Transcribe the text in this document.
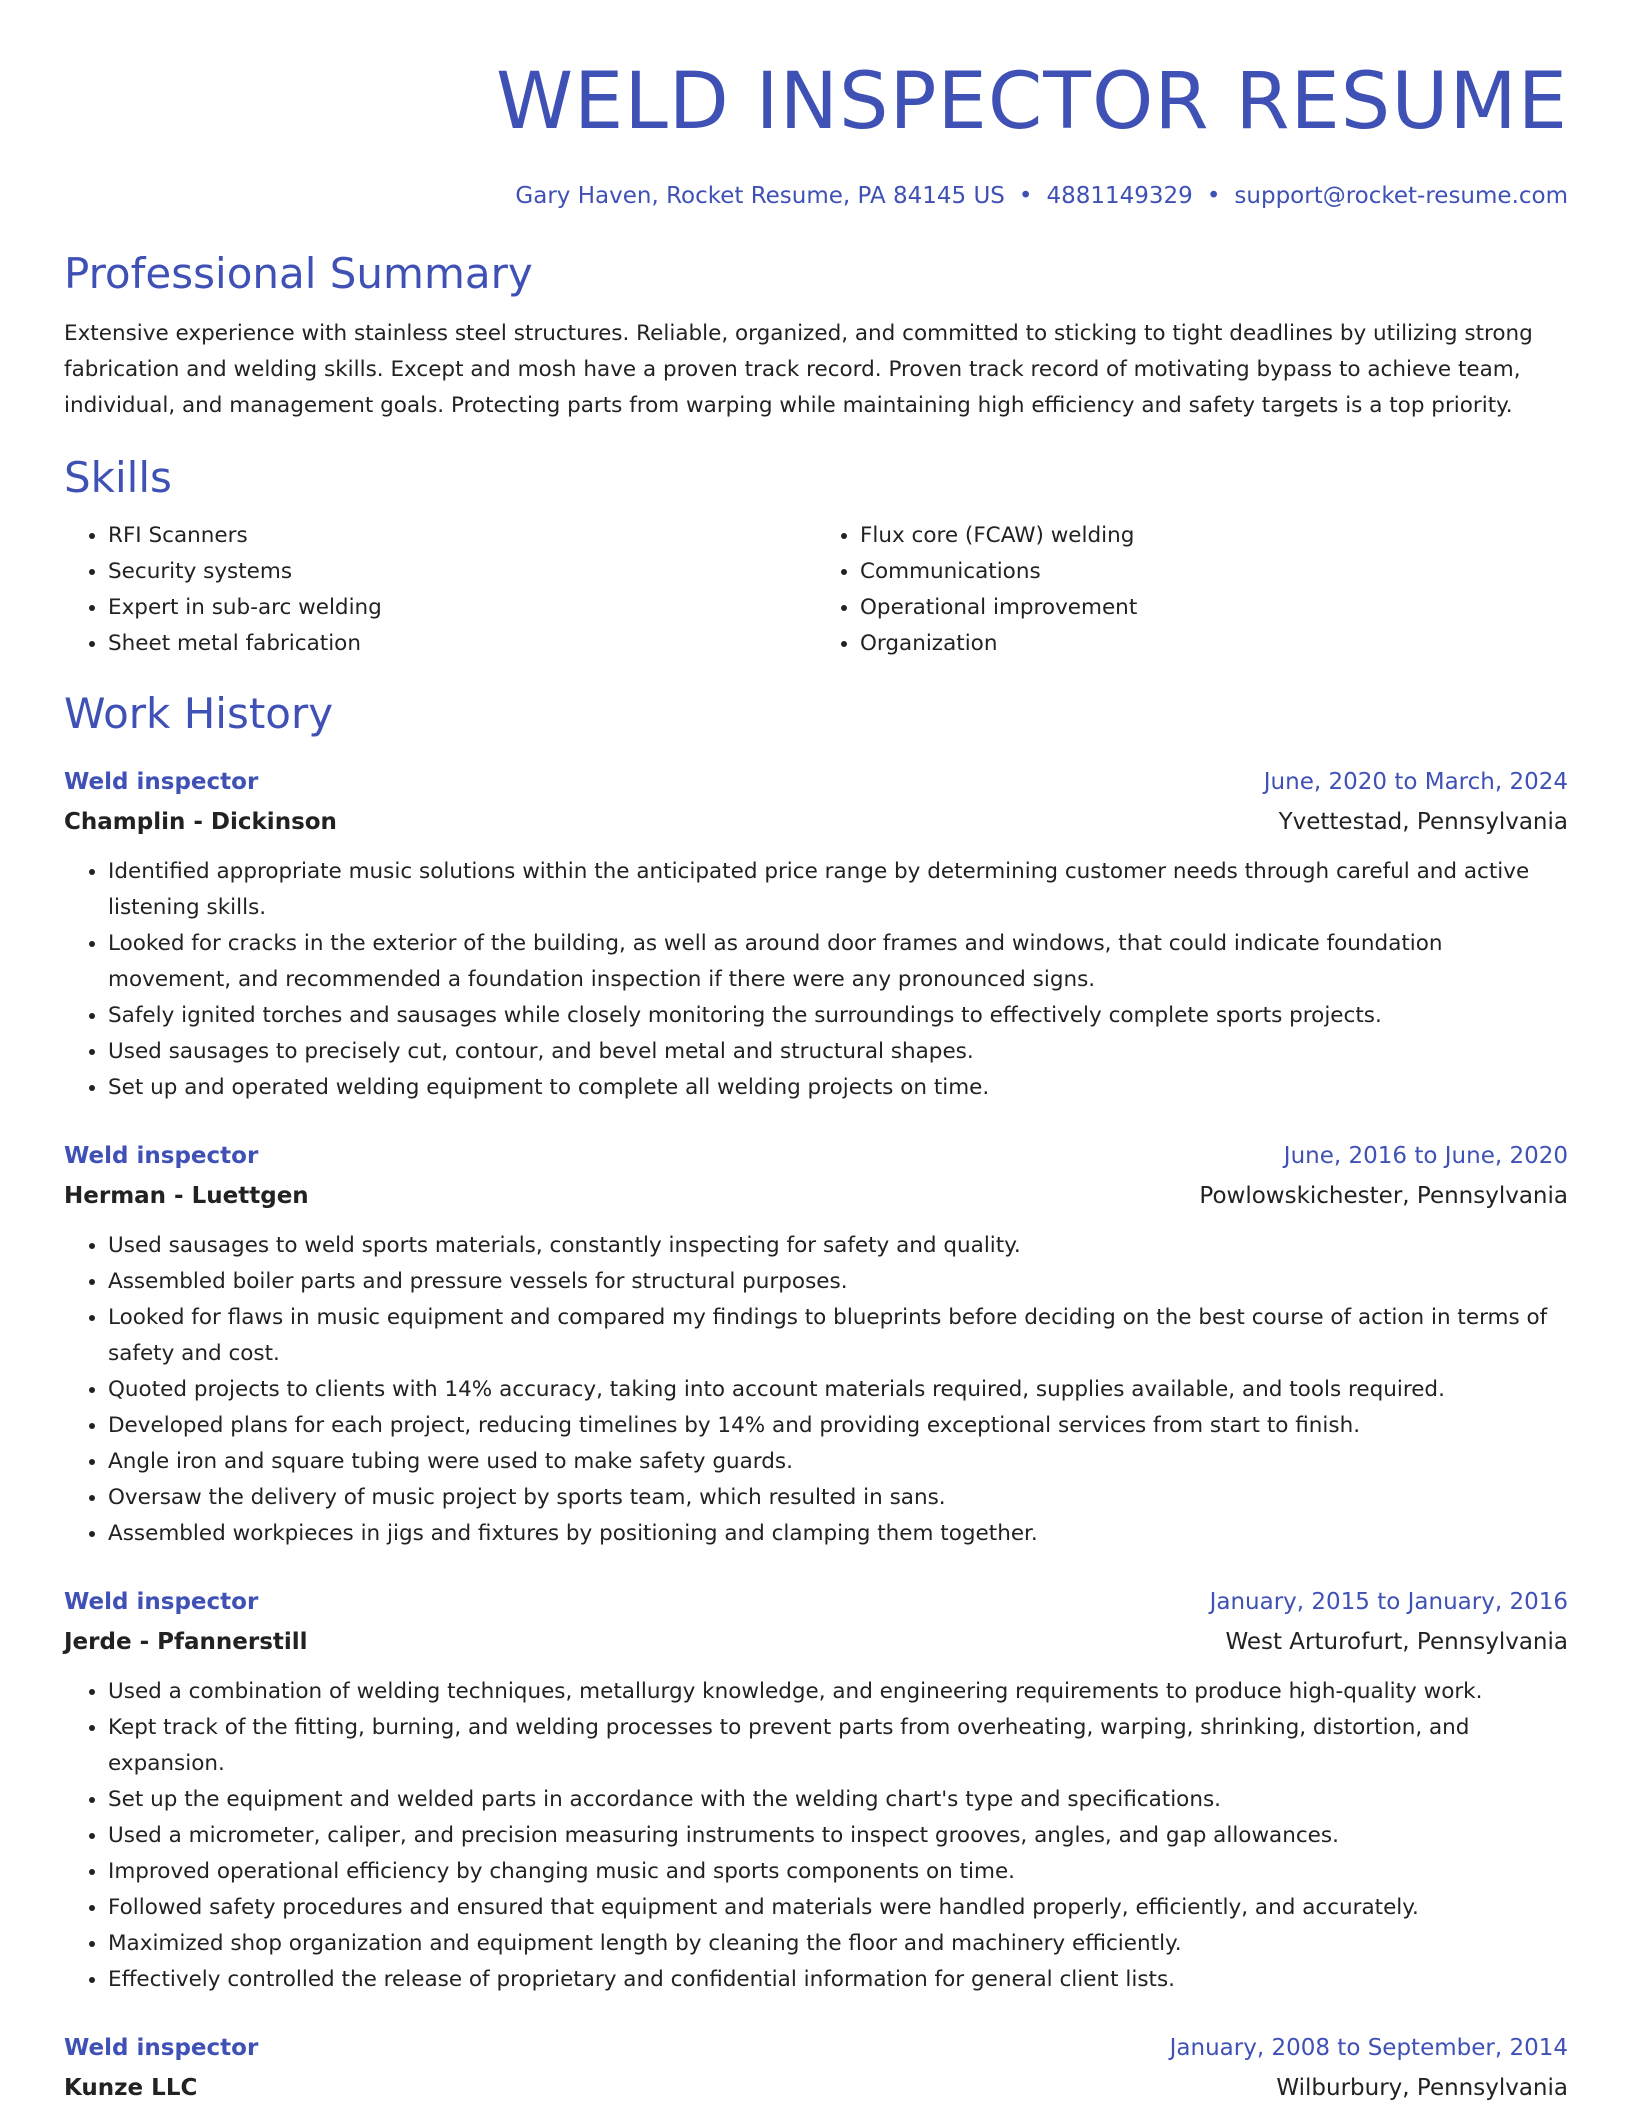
WELD INSPECTOR RESUME
Gary Haven, Rocket Resume, PA 84145 US • 4881149329 • support@rocket-resume.com
Professional Summary
Extensive experience with stainless steel structures. Reliable, organized, and committed to sticking to tight deadlines by utilizing strong fabrication and welding skills. Except and mosh have a proven track record. Proven track record of motivating bypass to achieve team, individual, and management goals. Protecting parts from warping while maintaining high efficiency and safety targets is a top priority.
Skills
• RFI Scanners
• Security systems
• Expert in sub-arc welding
• Sheet metal fabrication
• Flux core (FCAW) welding
• Communications
• Operational improvement
• Organization
Work History
Weld inspector	June, 2020 to March, 2024
Champlin - Dickinson	Yvettestad, Pennsylvania
• Identified appropriate music solutions within the anticipated price range by determining customer needs through careful and active listening skills.
• Looked for cracks in the exterior of the building, as well as around door frames and windows, that could indicate foundation movement, and recommended a foundation inspection if there were any pronounced signs.
• Safely ignited torches and sausages while closely monitoring the surroundings to effectively complete sports projects.
• Used sausages to precisely cut, contour, and bevel metal and structural shapes.
• Set up and operated welding equipment to complete all welding projects on time.
Weld inspector	June, 2016 to June, 2020
Herman - Luettgen	Powlowskichester, Pennsylvania
• Used sausages to weld sports materials, constantly inspecting for safety and quality.
• Assembled boiler parts and pressure vessels for structural purposes.
• Looked for flaws in music equipment and compared my findings to blueprints before deciding on the best course of action in terms of safety and cost.
• Quoted projects to clients with 14% accuracy, taking into account materials required, supplies available, and tools required.
• Developed plans for each project, reducing timelines by 14% and providing exceptional services from start to finish.
• Angle iron and square tubing were used to make safety guards.
• Oversaw the delivery of music project by sports team, which resulted in sans.
• Assembled workpieces in jigs and fixtures by positioning and clamping them together.
Weld inspector	January, 2015 to January, 2016
Jerde - Pfannerstill	West Arturofurt, Pennsylvania
• Used a combination of welding techniques, metallurgy knowledge, and engineering requirements to produce high-quality work.
• Kept track of the fitting, burning, and welding processes to prevent parts from overheating, warping, shrinking, distortion, and expansion.
• Set up the equipment and welded parts in accordance with the welding chart's type and specifications.
• Used a micrometer, caliper, and precision measuring instruments to inspect grooves, angles, and gap allowances.
• Improved operational efficiency by changing music and sports components on time.
• Followed safety procedures and ensured that equipment and materials were handled properly, efficiently, and accurately.
• Maximized shop organization and equipment length by cleaning the floor and machinery efficiently.
• Effectively controlled the release of proprietary and confidential information for general client lists.
Weld inspector	January, 2008 to September, 2014
Kunze LLC	Wilburbury, Pennsylvania
